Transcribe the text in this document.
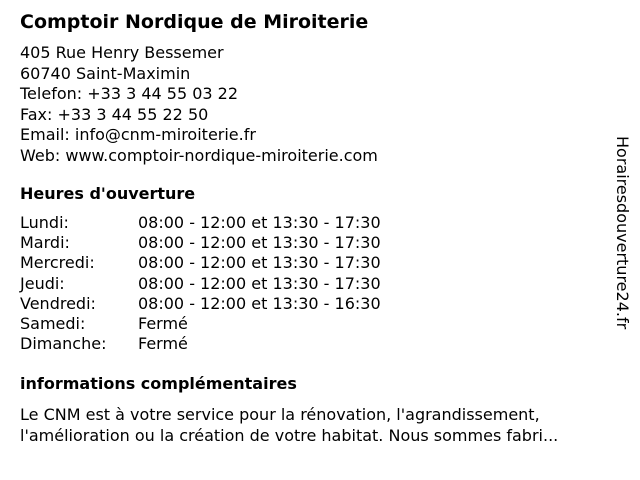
Comptoir Nordique de Miroiterie
405 Rue Henry Bessemer
60740 Saint-Maximin
Telefon: +33 3 44 55 03 22
Fax: +33 3 44 55 22 50
Email: info@cnm-miroiterie.fr
Web: www.comptoir-nordique-miroiterie.com
Heures d'ouverture
Lundi:	08:00 - 12:00 et 13:30 - 17:30
Mardi:	08:00 - 12:00 et 13:30 - 17:30
Mercredi:	08:00 - 12:00 et 13:30 - 17:30
Jeudi:	08:00 - 12:00 et 13:30 - 17:30
Vendredi:	08:00 - 12:00 et 13:30 - 16:30
Samedi:	Fermé
Dimanche: Fermé
informations complémentaires
Le CNM est à votre service pour la rénovation, l'agrandissement, l'amélioration ou la création de votre habitat. Nous sommes fabri...
Horairesdouverture24.fr
